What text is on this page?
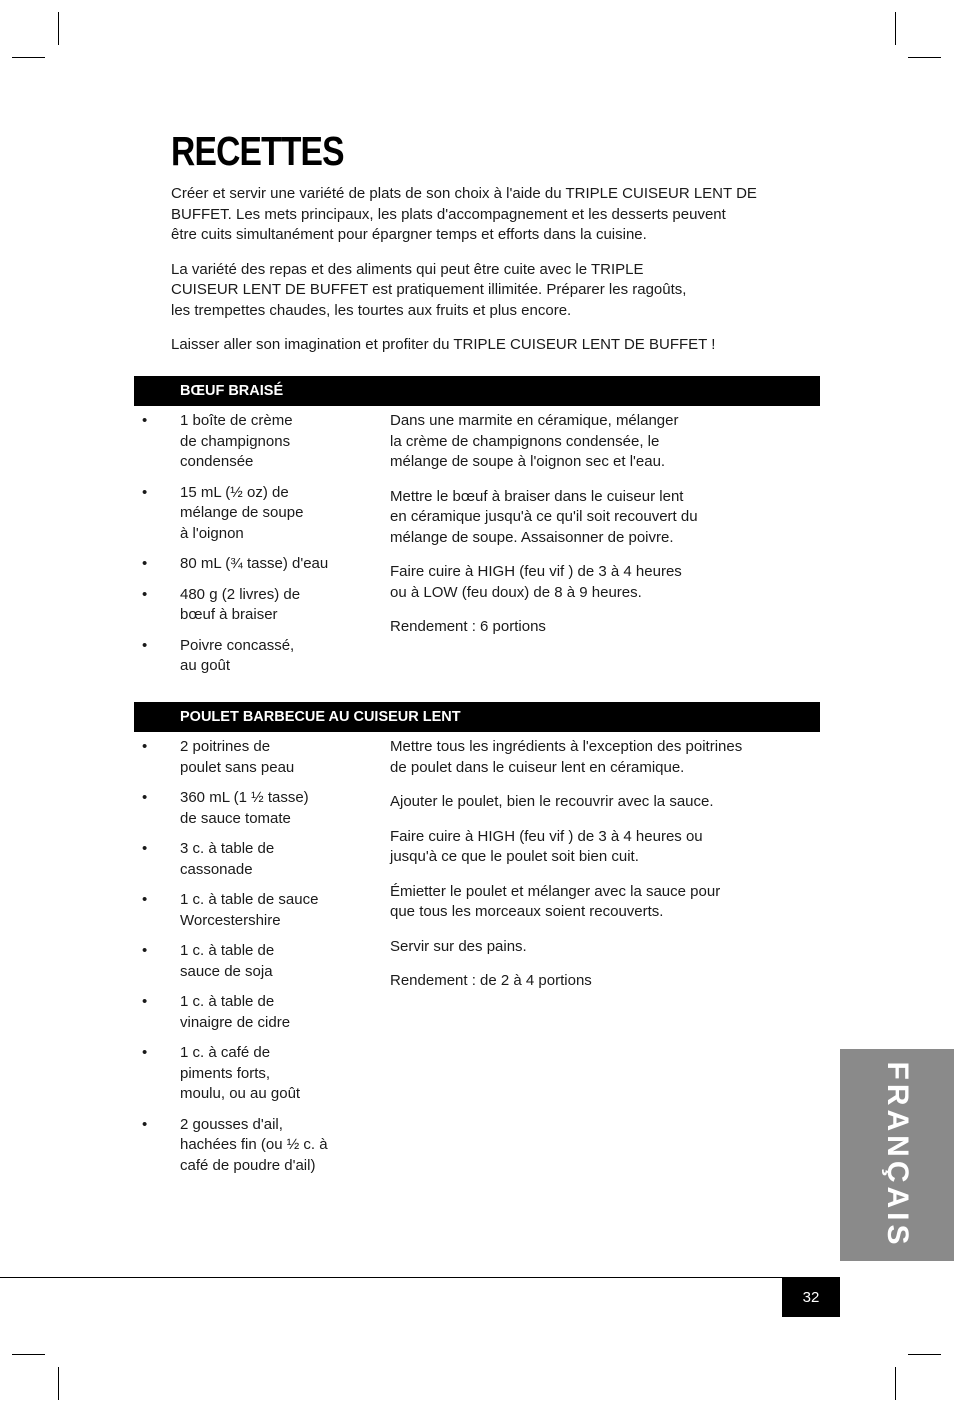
RECETTES

Créer et servir une variété de plats de son choix à l'aide du TRIPLE CUISEUR LENT DE
BUFFET. Les mets principaux, les plats d'accompagnement et les desserts peuvent
être cuits simultanément pour épargner temps et efforts dans la cuisine.

La variété des repas et des aliments qui peut être cuite avec le TRIPLE
CUISEUR LENT DE BUFFET est pratiquement illimitée. Préparer les ragoûts,
les trempettes chaudes, les tourtes aux fruits et plus encore.

Laisser aller son imagination et profiter du TRIPLE CUISEUR LENT DE BUFFET !

BŒUF BRAISÉ
• 1 boîte de crème
de champignons
condensée
• 15 mL (½ oz) de
mélange de soupe
à l'oignon
• 80 mL (¾ tasse) d'eau
• 480 g (2 livres) de
bœuf à braiser
• Poivre concassé,
au goût

Dans une marmite en céramique, mélanger
la crème de champignons condensée, le
mélange de soupe à l'oignon sec et l'eau.

Mettre le bœuf à braiser dans le cuiseur lent
en céramique jusqu'à ce qu'il soit recouvert du
mélange de soupe. Assaisonner de poivre.

Faire cuire à HIGH (feu vif ) de 3 à 4 heures
ou à LOW (feu doux) de 8 à 9 heures.

Rendement : 6 portions

POULET BARBECUE AU CUISEUR LENT
• 2 poitrines de
poulet sans peau
• 360 mL (1 ½ tasse)
de sauce tomate
• 3 c. à table de
cassonade
• 1 c. à table de sauce
Worcestershire
• 1 c. à table de
sauce de soja
• 1 c. à table de
vinaigre de cidre
• 1 c. à café de
piments forts,
moulu, ou au goût
• 2 gousses d'ail,
hachées fin (ou ½ c. à
café de poudre d'ail)

Mettre tous les ingrédients à l'exception des poitrines
de poulet dans le cuiseur lent en céramique.

Ajouter le poulet, bien le recouvrir avec la sauce.

Faire cuire à HIGH (feu vif ) de 3 à 4 heures ou
jusqu'à ce que le poulet soit bien cuit.

Émietter le poulet et mélanger avec la sauce pour
que tous les morceaux soient recouverts.

Servir sur des pains.

Rendement : de 2 à 4 portions

FRANÇAIS
32
